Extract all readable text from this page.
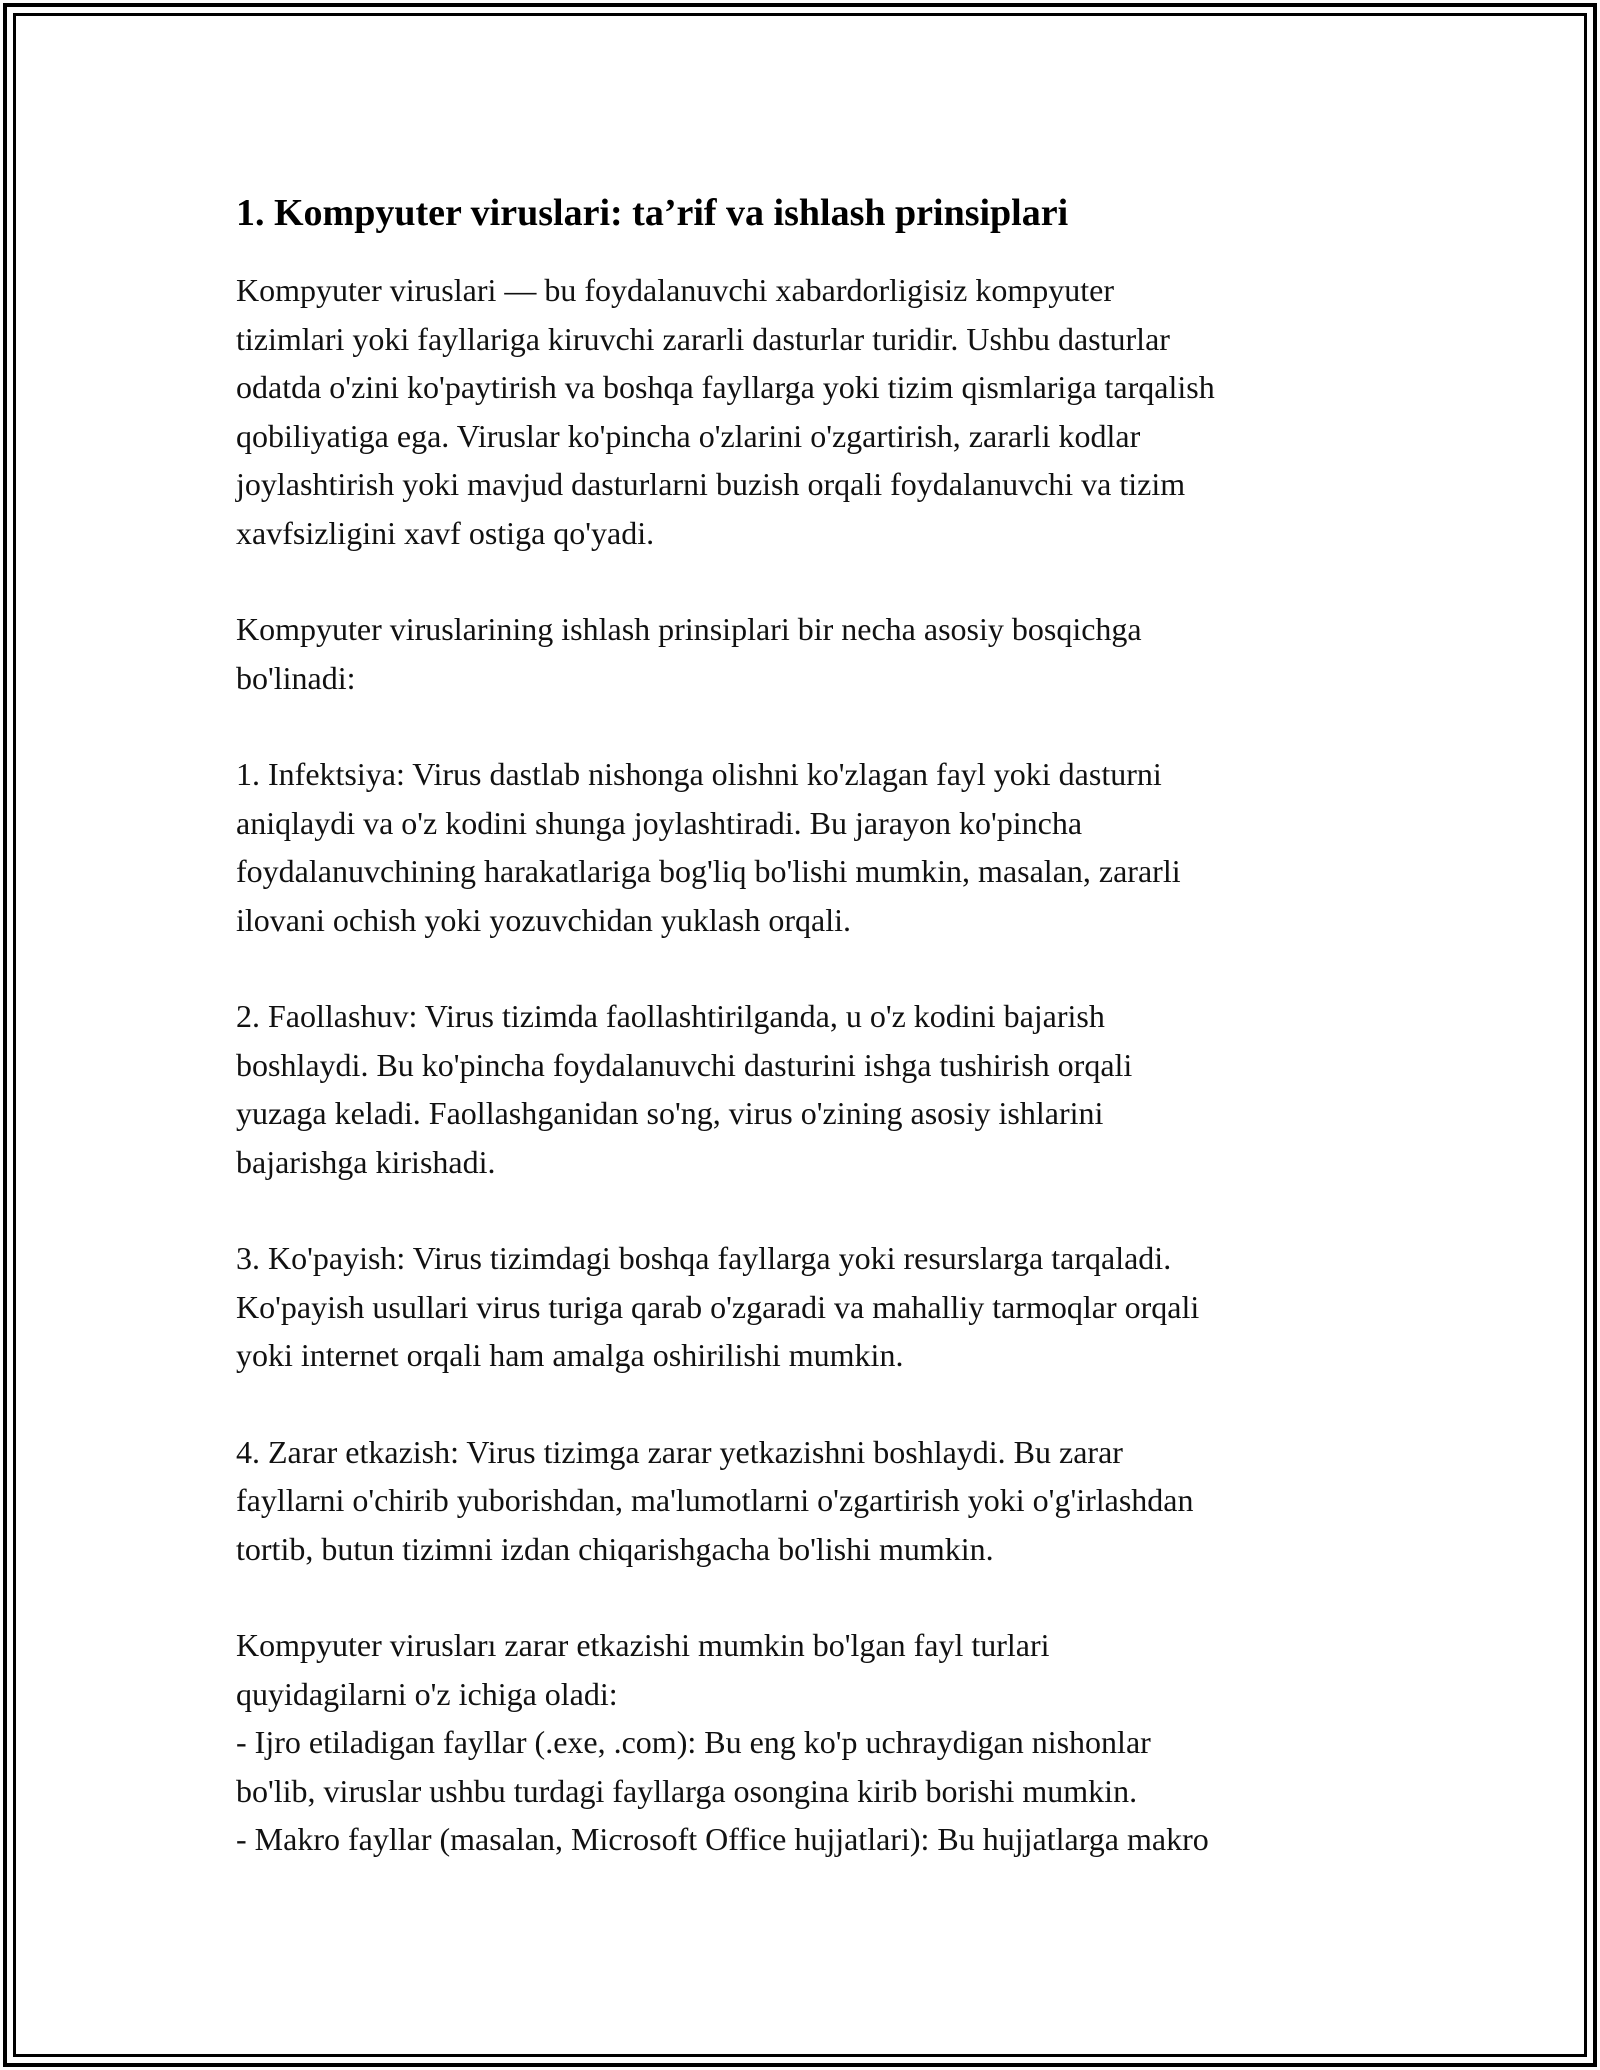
1. Kompyuter viruslari: ta’rif va ishlash prinsiplari
Kompyuter viruslari — bu foydalanuvchi xabardorligisiz kompyuter
tizimlari yoki fayllariga kiruvchi zararli dasturlar turidir. Ushbu dasturlar
odatda o'zini ko'paytirish va boshqa fayllarga yoki tizim qismlariga tarqalish
qobiliyatiga ega. Viruslar ko'pincha o'zlarini o'zgartirish, zararli kodlar
joylashtirish yoki mavjud dasturlarni buzish orqali foydalanuvchi va tizim
xavfsizligini xavf ostiga qo'yadi.
Kompyuter viruslarining ishlash prinsiplari bir necha asosiy bosqichga
bo'linadi:
1. Infektsiya: Virus dastlab nishonga olishni ko'zlagan fayl yoki dasturni
aniqlaydi va o'z kodini shunga joylashtiradi. Bu jarayon ko'pincha
foydalanuvchining harakatlariga bog'liq bo'lishi mumkin, masalan, zararli
ilovani ochish yoki yozuvchidan yuklash orqali.
2. Faollashuv: Virus tizimda faollashtirilganda, u o'z kodini bajarish
boshlaydi. Bu ko'pincha foydalanuvchi dasturini ishga tushirish orqali
yuzaga keladi. Faollashganidan so'ng, virus o'zining asosiy ishlarini
bajarishga kirishadi.
3. Ko'payish: Virus tizimdagi boshqa fayllarga yoki resurslarga tarqaladi.
Ko'payish usullari virus turiga qarab o'zgaradi va mahalliy tarmoqlar orqali
yoki internet orqali ham amalga oshirilishi mumkin.
4. Zarar etkazish: Virus tizimga zarar yetkazishni boshlaydi. Bu zarar
fayllarni o'chirib yuborishdan, ma'lumotlarni o'zgartirish yoki o'g'irlashdan
tortib, butun tizimni izdan chiqarishgacha bo'lishi mumkin.
Kompyuter virusları zarar etkazishi mumkin bo'lgan fayl turlari
quyidagilarni o'z ichiga oladi:
- Ijro etiladigan fayllar (.exe, .com): Bu eng ko'p uchraydigan nishonlar
bo'lib, viruslar ushbu turdagi fayllarga osongina kirib borishi mumkin.
- Makro fayllar (masalan, Microsoft Office hujjatlari): Bu hujjatlarga makro
